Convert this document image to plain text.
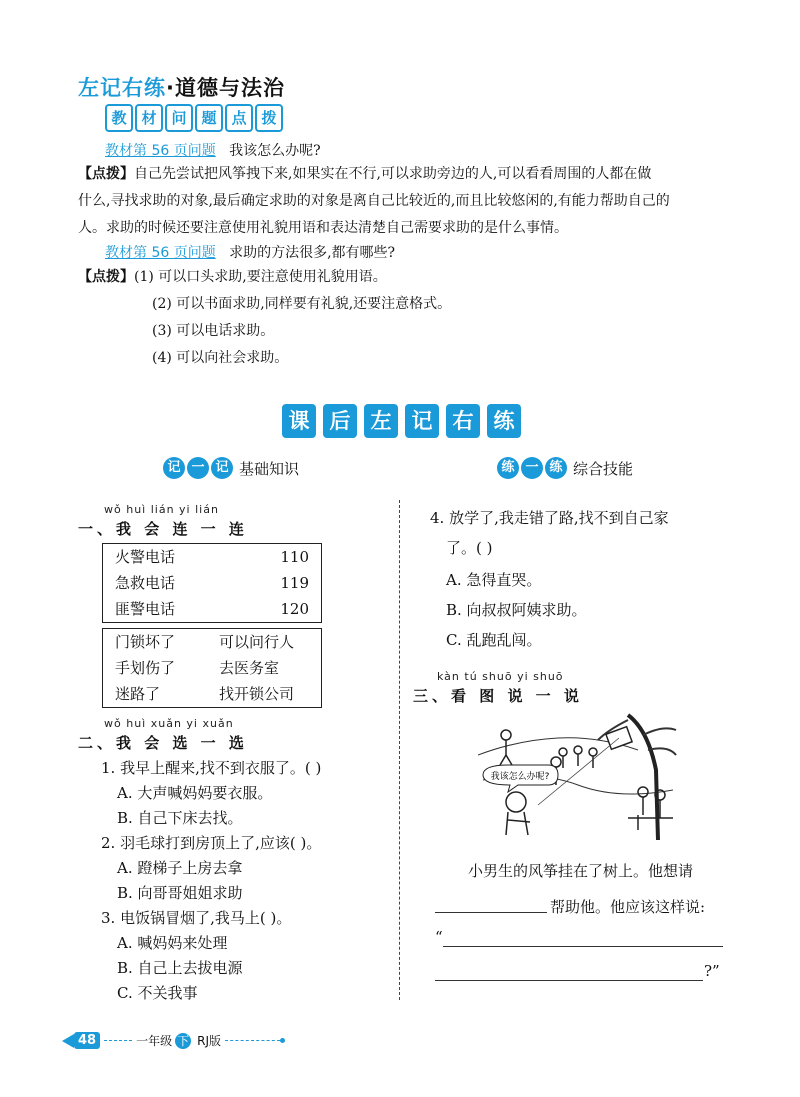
左记右练·道德与法治
教 材 问 题 点 拨
教材第 56 页问题 我该怎么办呢?
【点拨】自己先尝试把风筝拽下来,如果实在不行,可以求助旁边的人,可以看看周围的人都在做
什么,寻找求助的对象,最后确定求助的对象是离自己比较近的,而且比较悠闲的,有能力帮助自己的
人。求助的时候还要注意使用礼貌用语和表达清楚自己需要求助的是什么事情。
教材第 56 页问题 求助的方法很多,都有哪些?
【点拨】(1) 可以口头求助,要注意使用礼貌用语。
(2) 可以书面求助,同样要有礼貌,还要注意格式。
(3) 可以电话求助。
(4) 可以向社会求助。
课 后 左 记 右 练
记 一 记 基础知识	练 一 练 综合技能
wǒ huì lián yi lián
一、我 会 连 一 连
火警电话	110
急救电话	119
匪警电话	120
门锁坏了	可以问行人
手划伤了	去医务室
迷路了	找开锁公司
wǒ huì xuǎn yi xuǎn
二、我 会 选 一 选
1. 我早上醒来,找不到衣服了。( )
A. 大声喊妈妈要衣服。
B. 自己下床去找。
2. 羽毛球打到房顶上了,应该( )。
A. 蹬梯子上房去拿
B. 向哥哥姐姐求助
3. 电饭锅冒烟了,我马上( )。
A. 喊妈妈来处理
B. 自己上去拔电源
C. 不关我事
4. 放学了,我走错了路,找不到自己家
了。( )
A. 急得直哭。
B. 向叔叔阿姨求助。
C. 乱跑乱闯。
kàn tú shuō yi shuō
三、看 图 说 一 说
我该怎么办呢?
小男生的风筝挂在了树上。他想请
帮助他。他应该这样说:
“
?”
48	一年级 下 RJ版
